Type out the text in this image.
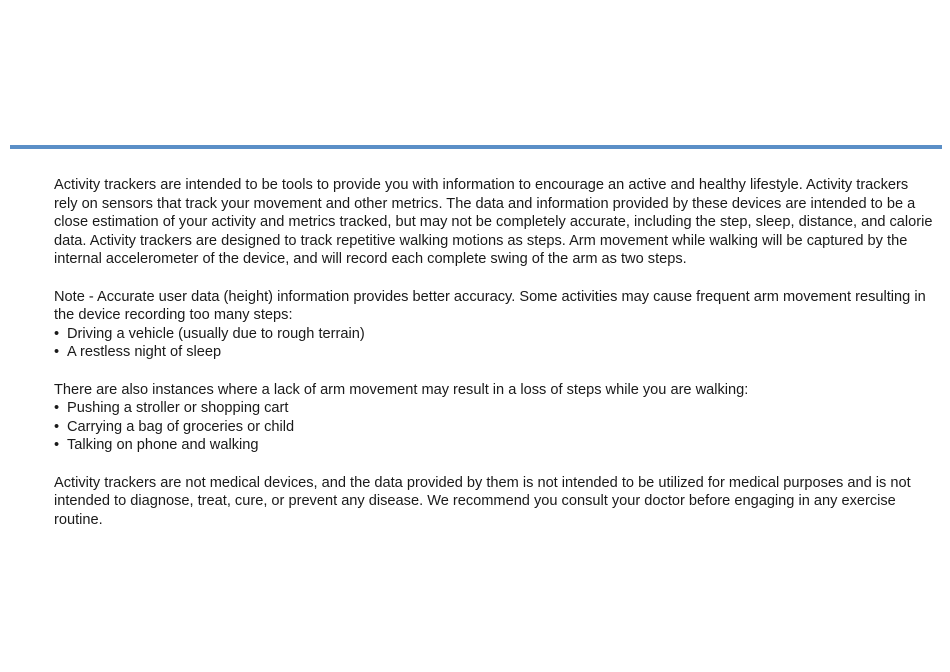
Activity trackers are intended to be tools to provide you with information to encourage an active and healthy lifestyle. Activity trackers rely on sensors that track your movement and other metrics. The data and information provided by these devices are intended to be a close estimation of your activity and metrics tracked, but may not be completely accurate, including the step, sleep, distance, and calorie data. Activity trackers are designed to track repetitive walking motions as steps. Arm movement while walking will be captured by the internal accelerometer of the device, and will record each complete swing of the arm as two steps.

Note - Accurate user data (height) information provides better accuracy. Some activities may cause frequent arm movement resulting in the device recording too many steps:

• Driving a vehicle (usually due to rough terrain)
• A restless night of sleep

There are also instances where a lack of arm movement may result in a loss of steps while you are walking:

• Pushing a stroller or shopping cart
• Carrying a bag of groceries or child
• Talking on phone and walking

Activity trackers are not medical devices, and the data provided by them is not intended to be utilized for medical purposes and is not intended to diagnose, treat, cure, or prevent any disease. We recommend you consult your doctor before engaging in any exercise routine.
